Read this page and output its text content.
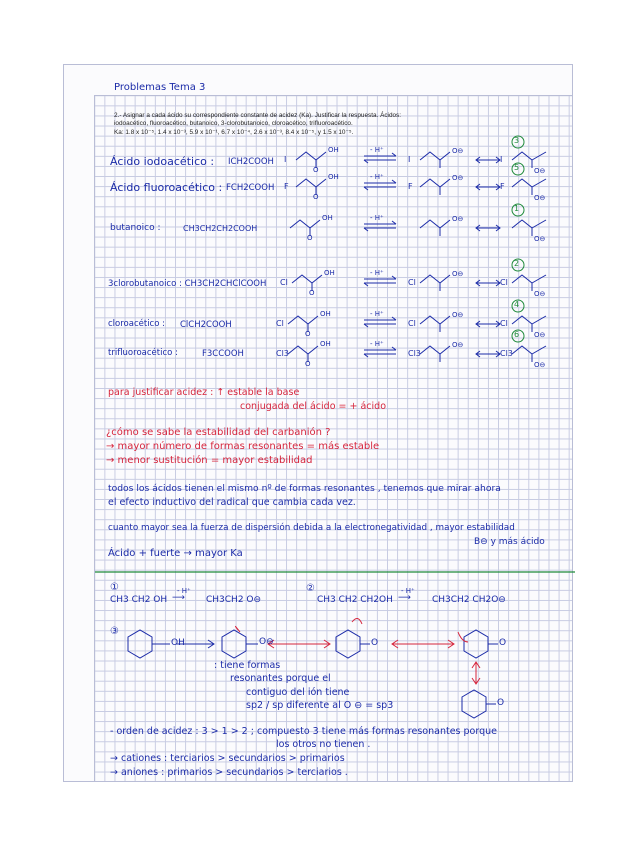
Problemas Tema 3
2.- Asignar a cada ácido su correspondiente constante de acidez (Ka). Justificar la respuesta. Ácidos:
iodoacético, fluoroacético, butanoico, 3-clorobutanoico, cloroacético, trifluoroacético.
Ka: 1.8 x 10⁻⁵, 1.4 x 10⁻³, 5.9 x 10⁻¹, 6.7 x 10⁻⁴, 2.6 x 10⁻³, 8.4 x 10⁻⁵, y 1.5 x 10⁻⁵.
Ácido iodoacético : ICH2COOH
Ácido fluoroacético : FCH2COOH
butanoico :	CH3CH2CH2COOH
3clorobutanoico : CH3CH2CHClCOOH
cloroacético : ClCH2COOH
trifluoroacético :	F3CCOOH
①
CH3 CH2 OH
- H⁺
⟶ CH3CH2 O⊖
②
CH3 CH2 CH2OH
- H⁺
⟶ CH3CH2 CH2O⊖
③
OH	O⊖	O	O
O
: tiene formas
resonantes porque el
contiguo del ión tiene
sp2 / sp diferente al O ⊖ = sp3
- orden de acidez : 3 > 1 > 2 ; compuesto 3 tiene más formas resonantes porque
los otros no tienen .
→ cationes : terciarios > secundarios > primarios
→ aniones : primarios > secundarios > terciarios .
para justificar acidez : ↑ estable la base
conjugada del ácido = + ácido
¿cómo se sabe la estabilidad del carbanión ?
→ mayor número de formas resonantes = más estable
→ menor sustitución = mayor estabilidad
todos los ácidos tienen el mismo nº de formas resonantes , tenemos que mirar ahora
el efecto inductivo del radical que cambia cada vez.
cuanto mayor sea la fuerza de dispersión debida a la electronegatividad , mayor estabilidad
B⊖ y más ácido
Ácido + fuerte → mayor Ka
OH
O
I
- H⁺	O⊖
I
O⊖
I
3
OH
O
F
- H⁺	O⊖
F
O⊖
F
5
OH
O
- H⁺	O⊖
O⊖
1
OH
O
Cl
- H⁺	O⊖
Cl
O⊖
Cl
2
OH
O
Cl
- H⁺	O⊖
Cl
O⊖
Cl
4
OH
O
Cl3
- H⁺	O⊖
Cl3
O⊖
Cl3
6
